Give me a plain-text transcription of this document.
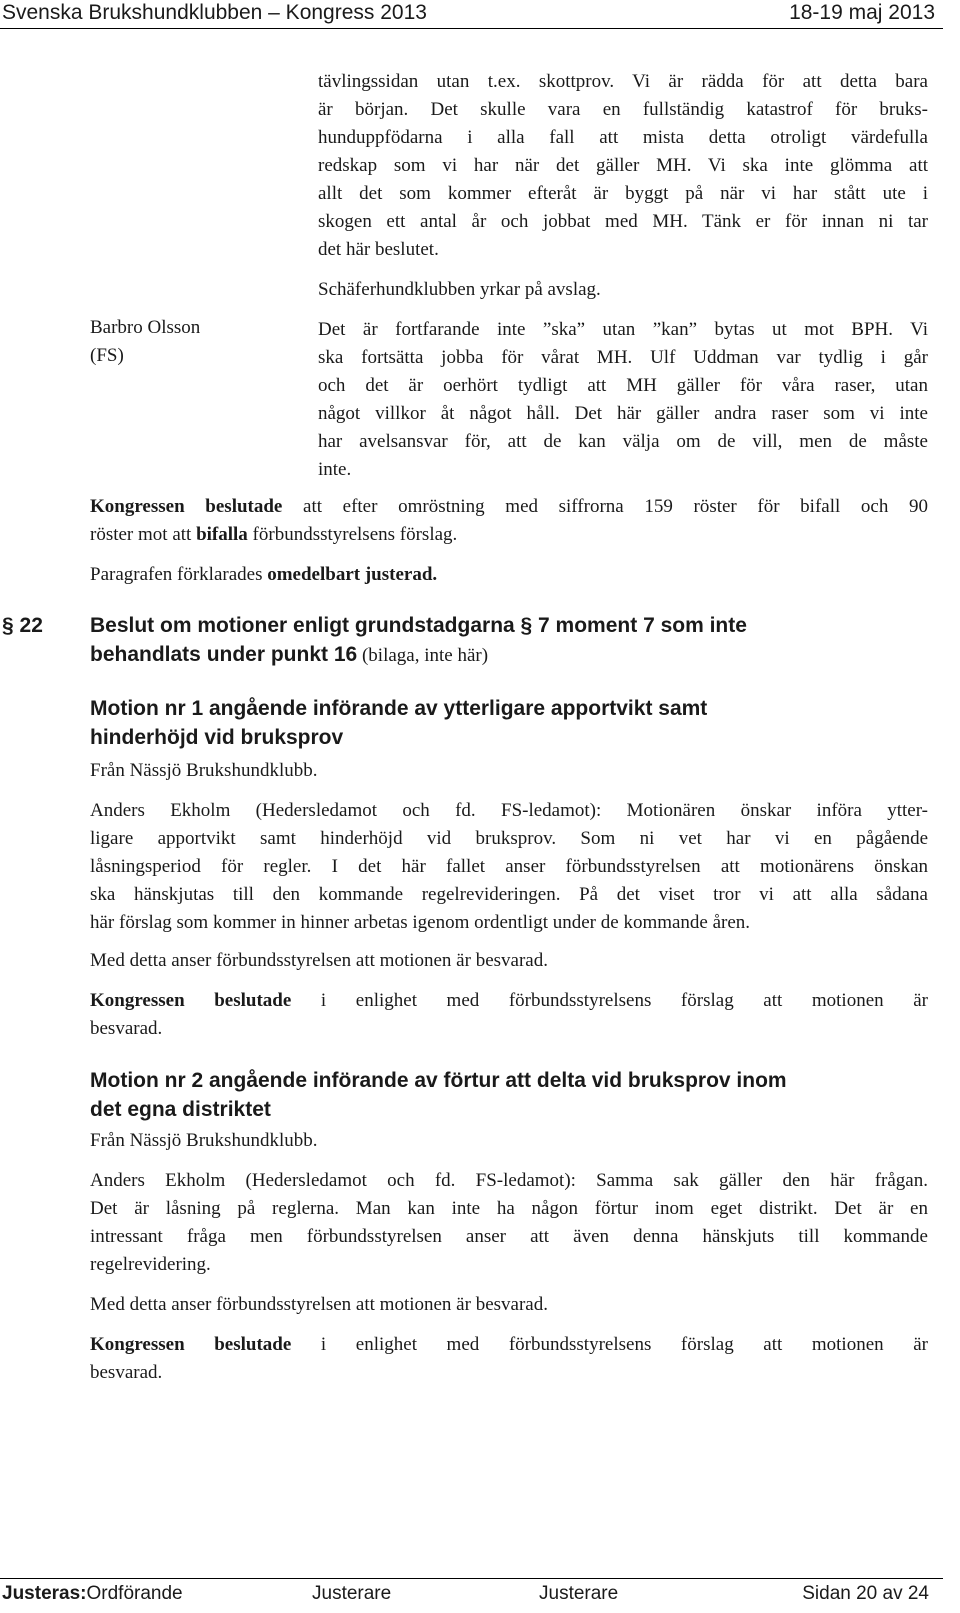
Svenska Brukshundklubben – Kongress 2013	18-19 maj 2013
tävlingssidan utan t.ex. skottprov. Vi är rädda för att detta bara
är början. Det skulle vara en fullständig katastrof för bruks-
hunduppfödarna i alla fall att mista detta otroligt värdefulla
redskap som vi har när det gäller MH. Vi ska inte glömma att
allt det som kommer efteråt är byggt på när vi har stått ute i
skogen ett antal år och jobbat med MH. Tänk er för innan ni tar
det här beslutet.
Schäferhundklubben yrkar på avslag.
Barbro Olsson
(FS)
Det är fortfarande inte ”ska” utan ”kan” bytas ut mot BPH. Vi
ska fortsätta jobba för vårat MH. Ulf Uddman var tydlig i går
och det är oerhört tydligt att MH gäller för våra raser, utan
något villkor åt något håll. Det här gäller andra raser som vi inte
har avelsansvar för, att de kan välja om de vill, men de måste
inte.
Kongressen beslutade att efter omröstning med siffrorna 159 röster för bifall och 90
röster mot att bifalla förbundsstyrelsens förslag.
Paragrafen förklarades omedelbart justerad.
§ 22	Beslut om motioner enligt grundstadgarna § 7 moment 7 som inte
behandlats under punkt 16 (bilaga, inte här)
Motion nr 1 angående införande av ytterligare apportvikt samt
hinderhöjd vid bruksprov
Från Nässjö Brukshundklubb.
Anders Ekholm (Hedersledamot och fd. FS-ledamot): Motionären önskar införa ytter-
ligare apportvikt samt hinderhöjd vid bruksprov. Som ni vet har vi en pågående
låsningsperiod för regler. I det här fallet anser förbundsstyrelsen att motionärens önskan
ska hänskjutas till den kommande regelrevideringen. På det viset tror vi att alla sådana
här förslag som kommer in hinner arbetas igenom ordentligt under de kommande åren.
Med detta anser förbundsstyrelsen att motionen är besvarad.
Kongressen beslutade i enlighet med förbundsstyrelsens förslag att motionen är
besvarad.
Motion nr 2 angående införande av förtur att delta vid bruksprov inom
det egna distriktet
Från Nässjö Brukshundklubb.
Anders Ekholm (Hedersledamot och fd. FS-ledamot): Samma sak gäller den här frågan.
Det är låsning på reglerna. Man kan inte ha någon förtur inom eget distrikt. Det är en
intressant fråga men förbundsstyrelsen anser att även denna hänskjuts till kommande
regelrevidering.
Med detta anser förbundsstyrelsen att motionen är besvarad.
Kongressen beslutade i enlighet med förbundsstyrelsens förslag att motionen är
besvarad.
Justeras: Ordförande	Justerare	Justerare	Sidan 20 av 24
